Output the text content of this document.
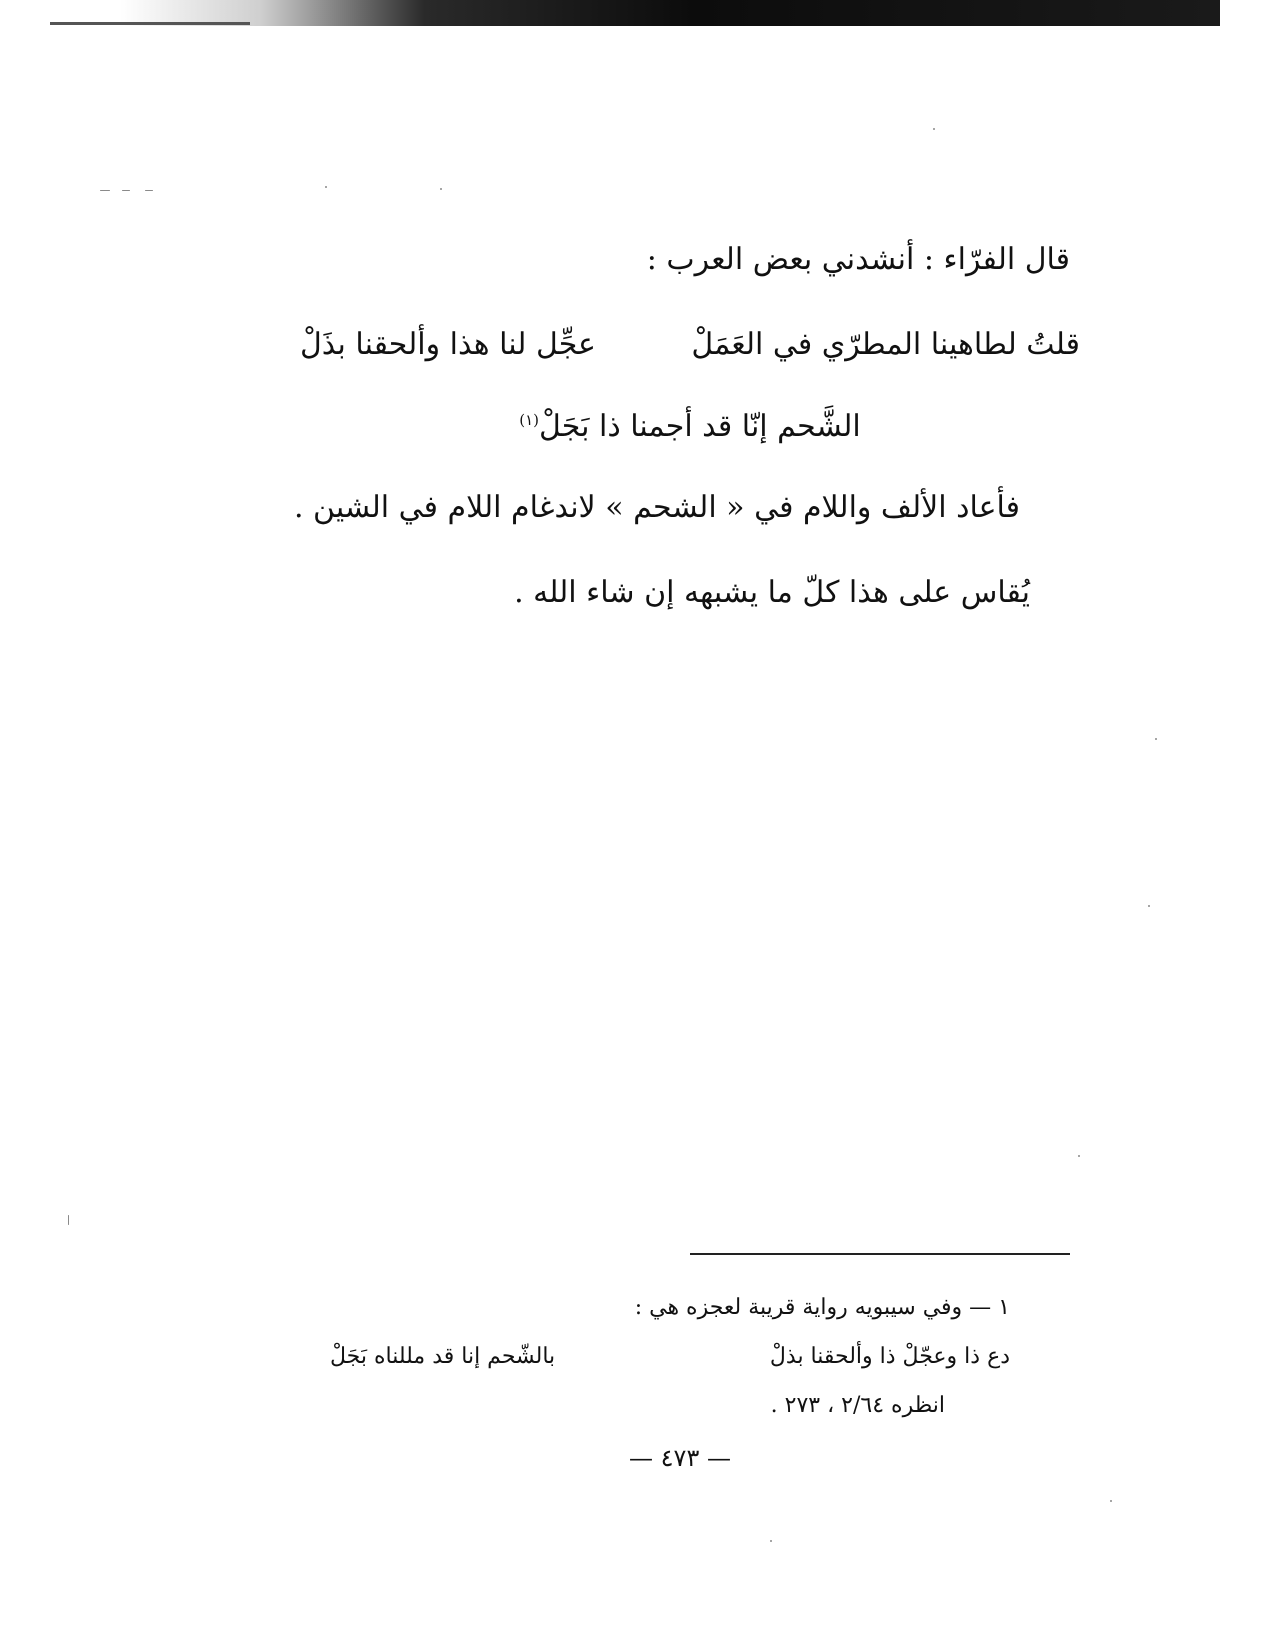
قال الفرّاء : أنشدني بعض العرب :
قلتُ لطاهينا المطرّي في العَمَلْ
عجِّل لنا هذا وألحقنا بذَلْ
الشَّحم إنّا قد أجمنا ذا بَجَلْ$^{(١)}$
فأعاد الألف واللام في « الشحم » لاندغام اللام في الشين .
يُقاس على هذا كلّ ما يشبهه إن شاء الله .
١ — وفي سيبويه رواية قريبة لعجزه هي :
دع ذا وعجّلْ ذا وألحقنا بذلْ
بالشّحم إنا قد مللناه بَجَلْ
انظره ٢/٦٤ ، ٢٧٣ .
— ٤٧٣ —
